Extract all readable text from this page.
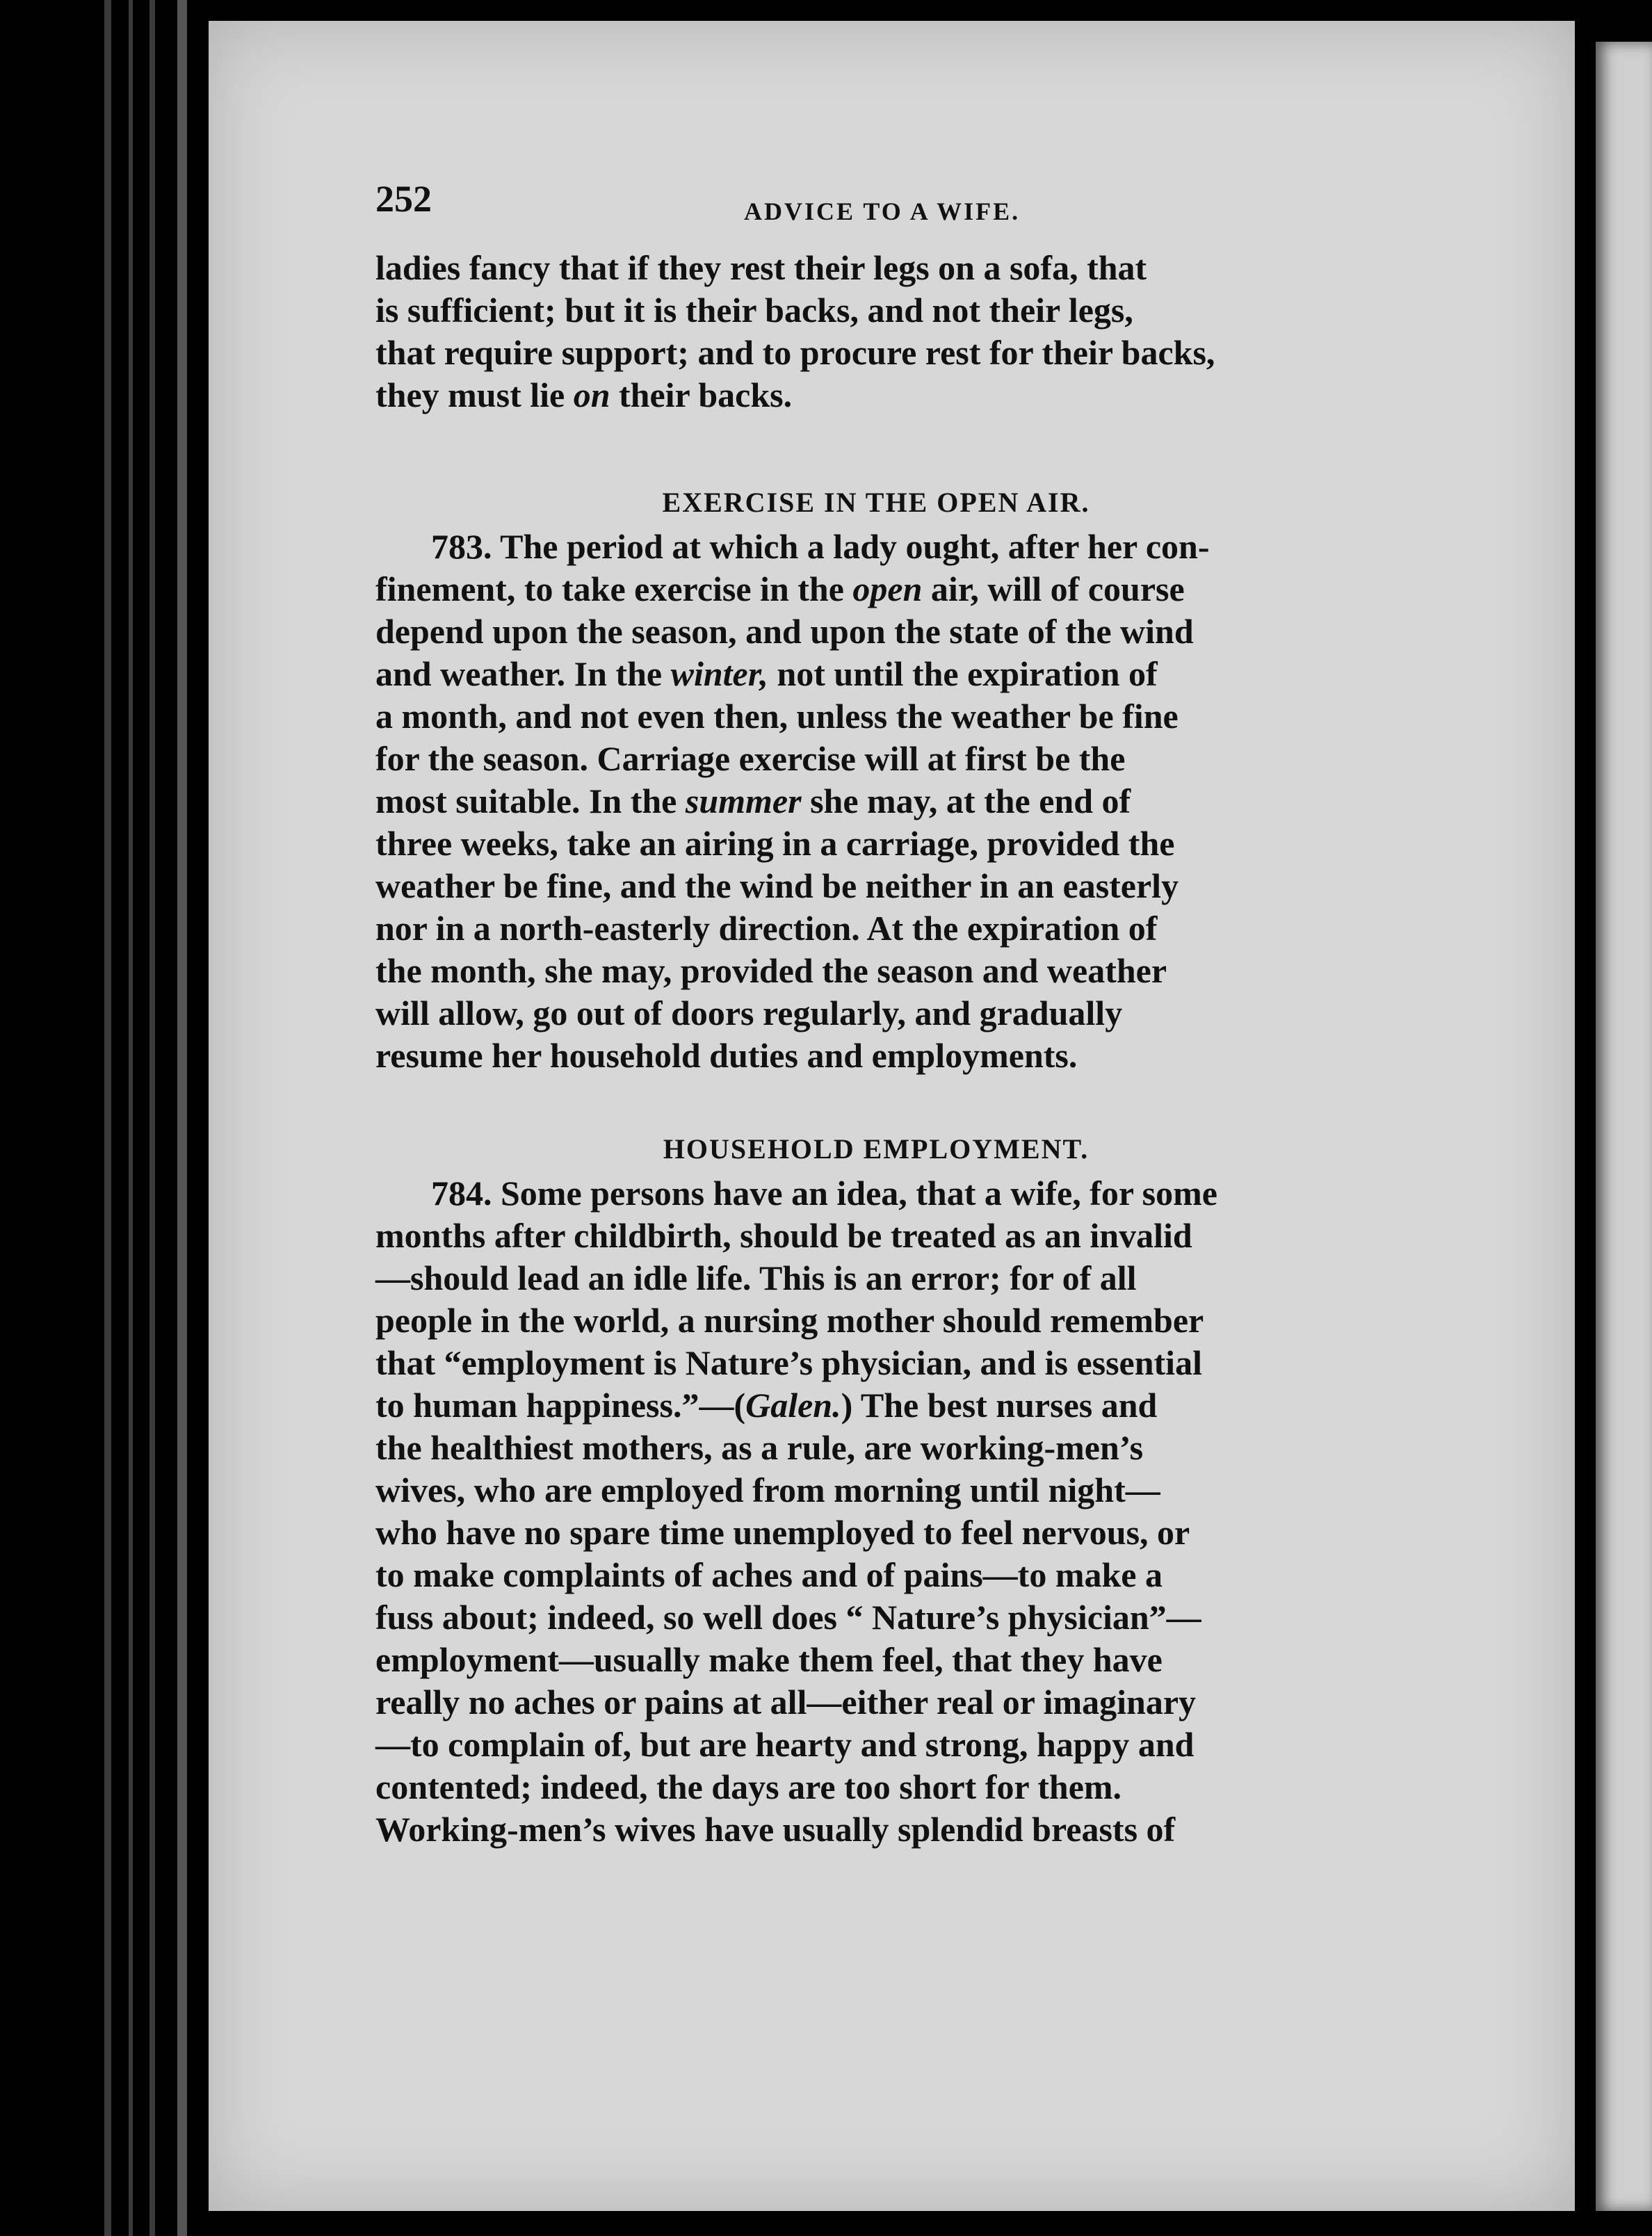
252	ADVICE TO A WIFE.

ladies fancy that if they rest their legs on a sofa, that

is sufficient; but it is their backs, and not their legs,

that require support; and to procure rest for their backs,

they must lie on their backs.

EXERCISE IN THE OPEN AIR.

783. The period at which a lady ought, after her con-

finement, to take exercise in the open air, will of course

depend upon the season, and upon the state of the wind

and weather. In the winter, not until the expiration of

a month, and not even then, unless the weather be fine

for the season. Carriage exercise will at first be the

most suitable. In the summer she may, at the end of

three weeks, take an airing in a carriage, provided the

weather be fine, and the wind be neither in an easterly

nor in a north-easterly direction. At the expiration of

the month, she may, provided the season and weather

will allow, go out of doors regularly, and gradually

resume her household duties and employments.

HOUSEHOLD EMPLOYMENT.

784. Some persons have an idea, that a wife, for some

months after childbirth, should be treated as an invalid

—should lead an idle life. This is an error; for of all

people in the world, a nursing mother should remember

that “employment is Nature’s physician, and is essential

to human happiness.”—(Galen.) The best nurses and

the healthiest mothers, as a rule, are working-men’s

wives, who are employed from morning until night—

who have no spare time unemployed to feel nervous, or

to make complaints of aches and of pains—to make a

fuss about; indeed, so well does “ Nature’s physician”—

employment—usually make them feel, that they have

really no aches or pains at all—either real or imaginary

—to complain of, but are hearty and strong, happy and

contented; indeed, the days are too short for them.

Working-men’s wives have usually splendid breasts of
